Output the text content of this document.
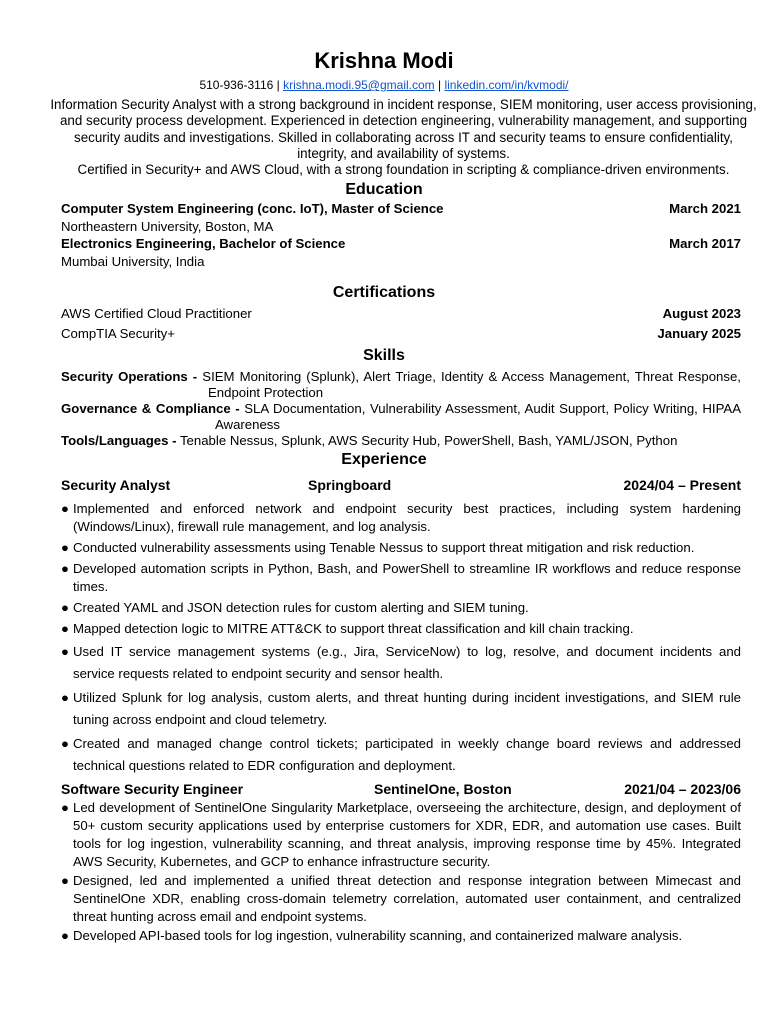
Krishna Modi
510-936-3116 | krishna.modi.95@gmail.com | linkedin.com/in/kvmodi/

Information Security Analyst with a strong background in incident response, SIEM monitoring, user access provisioning, and security process development. Experienced in detection engineering, vulnerability management, and supporting security audits and investigations. Skilled in collaborating across IT and security teams to ensure confidentiality, integrity, and availability of systems.

Certified in Security+ and AWS Cloud, with a strong foundation in scripting & compliance-driven environments.

Education
Computer System Engineering (conc. IoT), Master of Science	March 2021
Northeastern University, Boston, MA
Electronics Engineering, Bachelor of Science	March 2017
Mumbai University, India
Certifications
AWS Certified Cloud Practitioner	August 2023
CompTIA Security+	January 2025
Skills
Security Operations - SIEM Monitoring (Splunk), Alert Triage, Identity & Access Management, Threat Response, Endpoint Protection
Governance & Compliance - SLA Documentation, Vulnerability Assessment, Audit Support, Policy Writing, HIPAA Awareness
Tools/Languages - Tenable Nessus, Splunk, AWS Security Hub, PowerShell, Bash, YAML/JSON, Python
Experience
Security Analyst	Springboard	2024/04 – Present
● Implemented and enforced network and endpoint security best practices, including system hardening (Windows/Linux), firewall rule management, and log analysis.
● Conducted vulnerability assessments using Tenable Nessus to support threat mitigation and risk reduction.
● Developed automation scripts in Python, Bash, and PowerShell to streamline IR workflows and reduce response times.
● Created YAML and JSON detection rules for custom alerting and SIEM tuning.
● Mapped detection logic to MITRE ATT&CK to support threat classification and kill chain tracking.
● Used IT service management systems (e.g., Jira, ServiceNow) to log, resolve, and document incidents and service requests related to endpoint security and sensor health.
● Utilized Splunk for log analysis, custom alerts, and threat hunting during incident investigations, and SIEM rule tuning across endpoint and cloud telemetry.
● Created and managed change control tickets; participated in weekly change board reviews and addressed technical questions related to EDR configuration and deployment.
Software Security Engineer	SentinelOne, Boston	2021/04 – 2023/06
● Led development of SentinelOne Singularity Marketplace, overseeing the architecture, design, and deployment of 50+ custom security applications used by enterprise customers for XDR, EDR, and automation use cases. Built tools for log ingestion, vulnerability scanning, and threat analysis, improving response time by 45%. Integrated AWS Security, Kubernetes, and GCP to enhance infrastructure security.
● Designed, led and implemented a unified threat detection and response integration between Mimecast and SentinelOne XDR, enabling cross-domain telemetry correlation, automated user containment, and centralized threat hunting across email and endpoint systems.
● Developed API-based tools for log ingestion, vulnerability scanning, and containerized malware analysis.
